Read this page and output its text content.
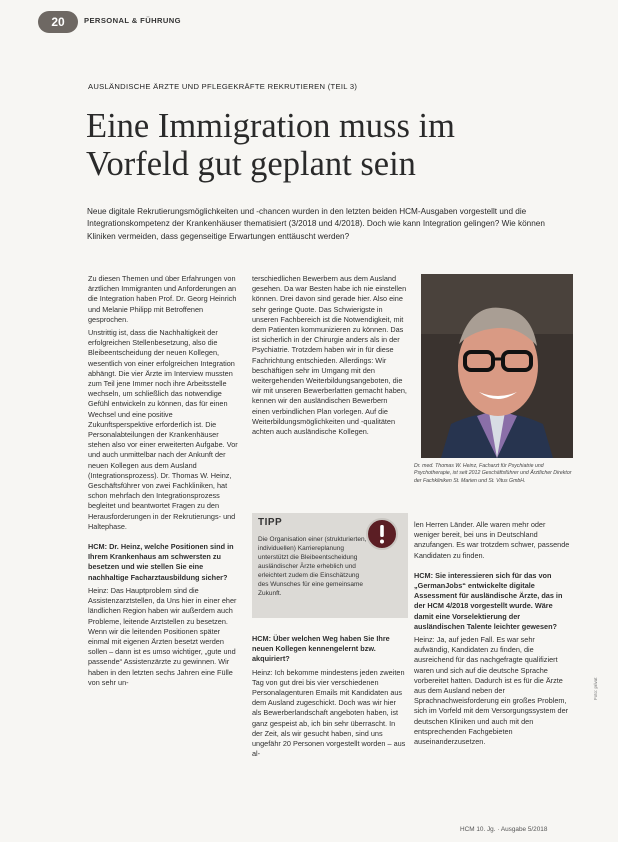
20	PERSONAL & FÜHRUNG
AUSLÄNDISCHE ÄRZTE UND PFLEGEKRÄFTE REKRUTIEREN (TEIL 3)
Eine Immigration muss im Vorfeld gut geplant sein

Neue digitale Rekrutierungsmöglichkeiten und -chancen wurden in den letzten beiden HCM-Ausgaben vorgestellt und die Integrationskompetenz der Krankenhäuser thematisiert (3/2018 und 4/2018). Doch wie kann Integration gelingen? Wie können Kliniken vermeiden, dass gegenseitige Erwartungen enttäuscht werden?

Zu diesen Themen und über Erfahrungen von ärztlichen Immigranten und Anforderungen an die Integration haben Prof. Dr. Georg Heinrich und Melanie Philipp mit Betroffenen gesprochen.

Unstrittig ist, dass die Nachhaltigkeit der erfolgreichen Stellenbesetzung, also die Bleibeentscheidung der neuen Kollegen, wesentlich von einer erfolgreichen Integration abhängt. Die vier Ärzte im Interview mussten zum Teil jene Immer noch ihre Arbeitsstelle wechseln, um schließlich das notwendige Gefühl entwickeln zu können, das für einen Wechsel und eine positive Zukunftsperspektive erforderlich ist. Die Personalabteilungen der Krankenhäuser stehen also vor einer erweiterten Aufgabe. Vor und auch unmittelbar nach der Ankunft der neuen Kollegen aus dem Ausland (Integrationsprozess). Dr. Thomas W. Heinz, Geschäftsführer von zwei Fachkliniken, hat schon mehrfach den Integrationsprozess begleitet und beantwortet Fragen zu den Herausforderungen in der Rekrutierungs- und Haltephase.

HCM: Dr. Heinz, welche Positionen sind in Ihrem Krankenhaus am schwersten zu besetzen und wie stellen Sie eine nachhaltige Facharztausbildung sicher?

Heinz: Das Hauptproblem sind die Assistenzarztstellen, da Uns hier in einer eher ländlichen Region haben wir außerdem auch Probleme, leitende Arztstellen zu besetzen. Wenn wir die leitenden Positionen später einmal mit eigenen Ärzten besetzt werden sollen – dann ist es umso wichtiger, „gute und passende“ Assistenzärzte zu gewinnen. Wir haben in den letzten sechs Jahren eine Fülle von sehr un-

terschiedlichen Bewerbern aus dem Ausland gesehen. Da war Besten habe ich nie einstellen können. Drei davon sind gerade hier. Also eine sehr geringe Quote. Das Schwierigste in unseren Fachbereich ist die Notwendigkeit, mit dem Patienten kommunizieren zu können. Das ist sicherlich in der Chirurgie anders als in der Psychiatrie. Trotzdem haben wir in für diese Fachrichtung entschieden. Allerdings: Wir beschäftigen sehr im Umgang mit den weitergehenden Weiterbildungsangeboten, die wir mit unseren Bewerberlatten gemacht haben, kennen wir den ausländischen Bewerbern einen verbindlichen Plan vorlegen. Auf die Weiterbildungsmöglichkeiten und -qualitäten achten auch ausländische Kollegen.

Dr. med. Thomas W. Heinz, Facharzt für Psychiatrie und Psychotherapie, ist seit 2012 Geschäftsführer und Ärztlicher Direktor der Fachkliniken St. Marien und St. Vitus GmbH.

TIPP

Die Organisation einer (strukturierten, individuellen) Karriereplanung unterstützt die Bleibeentscheidung ausländischer Ärzte erheblich und erleichtert zudem die Einschätzung des Wunsches für eine gemeinsame Zukunft.

HCM: Über welchen Weg haben Sie Ihre neuen Kollegen kennengelernt bzw. akquiriert?

Heinz: Ich bekomme mindestens jeden zweiten Tag von gut drei bis vier verschiedenen Personalagenturen Emails mit Kandidaten aus dem Ausland zugeschickt. Doch was wir hier als Bewerberlandschaft angeboten haben, ist ganz gespeist ab, ich bin sehr überrascht. In der Zeit, als wir gesucht haben, sind uns ungefähr 20 Personen vorgestellt worden – aus al-

len Herren Länder. Alle waren mehr oder weniger bereit, bei uns in Deutschland anzufangen. Es war trotzdem schwer, passende Kandidaten zu finden.

HCM: Sie interessieren sich für das von „GermanJobs“ entwickelte digitale Assessment für ausländische Ärzte, das in der HCM 4/2018 vorgestellt wurde. Wäre damit eine Vorselektierung der ausländischen Talente leichter gewesen?

Heinz: Ja, auf jeden Fall. Es war sehr aufwändig, Kandidaten zu finden, die ausreichend für das nachgefragte qualifiziert waren und sich auf die deutsche Sprache vorbereitet hatten. Dadurch ist es für die Ärzte aus dem Ausland neben der Sprachnachweisforderung ein großes Problem, sich im Vorfeld mit dem Versorgungssystem der deutschen Kliniken und auch mit den entsprechenden Fachgebieten auseinanderzusetzen.

Foto: privat
HCM 10. Jg. · Ausgabe 5/2018
